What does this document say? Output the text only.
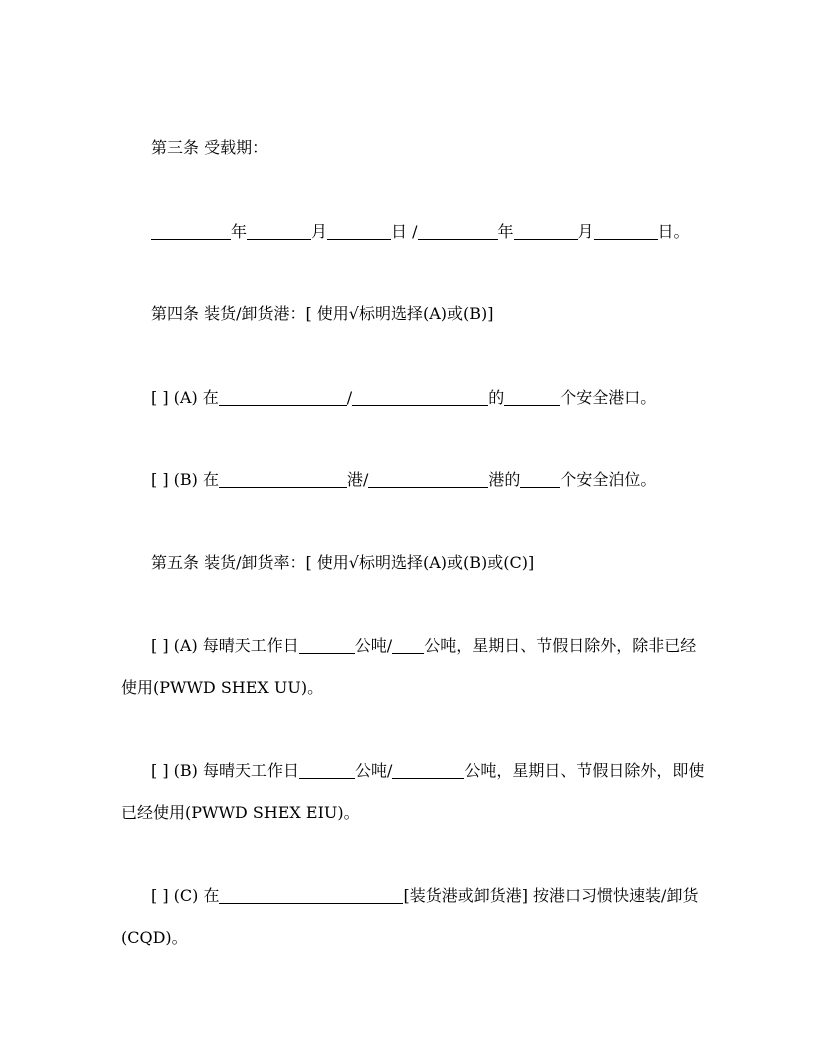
第三条 受载期：
年	月	日 /	年	月	日。
第四条 装货/卸货港：[ 使用√标明选择(A)或(B)]
[ ] (A) 在	/	的	个安全港口。
[ ] (B) 在	港/	港的	个安全泊位。
第五条 装货/卸货率：[ 使用√标明选择(A)或(B)或(C)]
[ ] (A) 每晴天工作日	公吨/ 公吨，星期日、节假日除外，除非已经
使用(PWWD SHEX UU)。
[ ] (B) 每晴天工作日	公吨/	公吨，星期日、节假日除外，即使
已经使用(PWWD SHEX EIU)。
[ ] (C) 在	[装货港或卸货港] 按港口习惯快速装/卸货
(CQD)。
